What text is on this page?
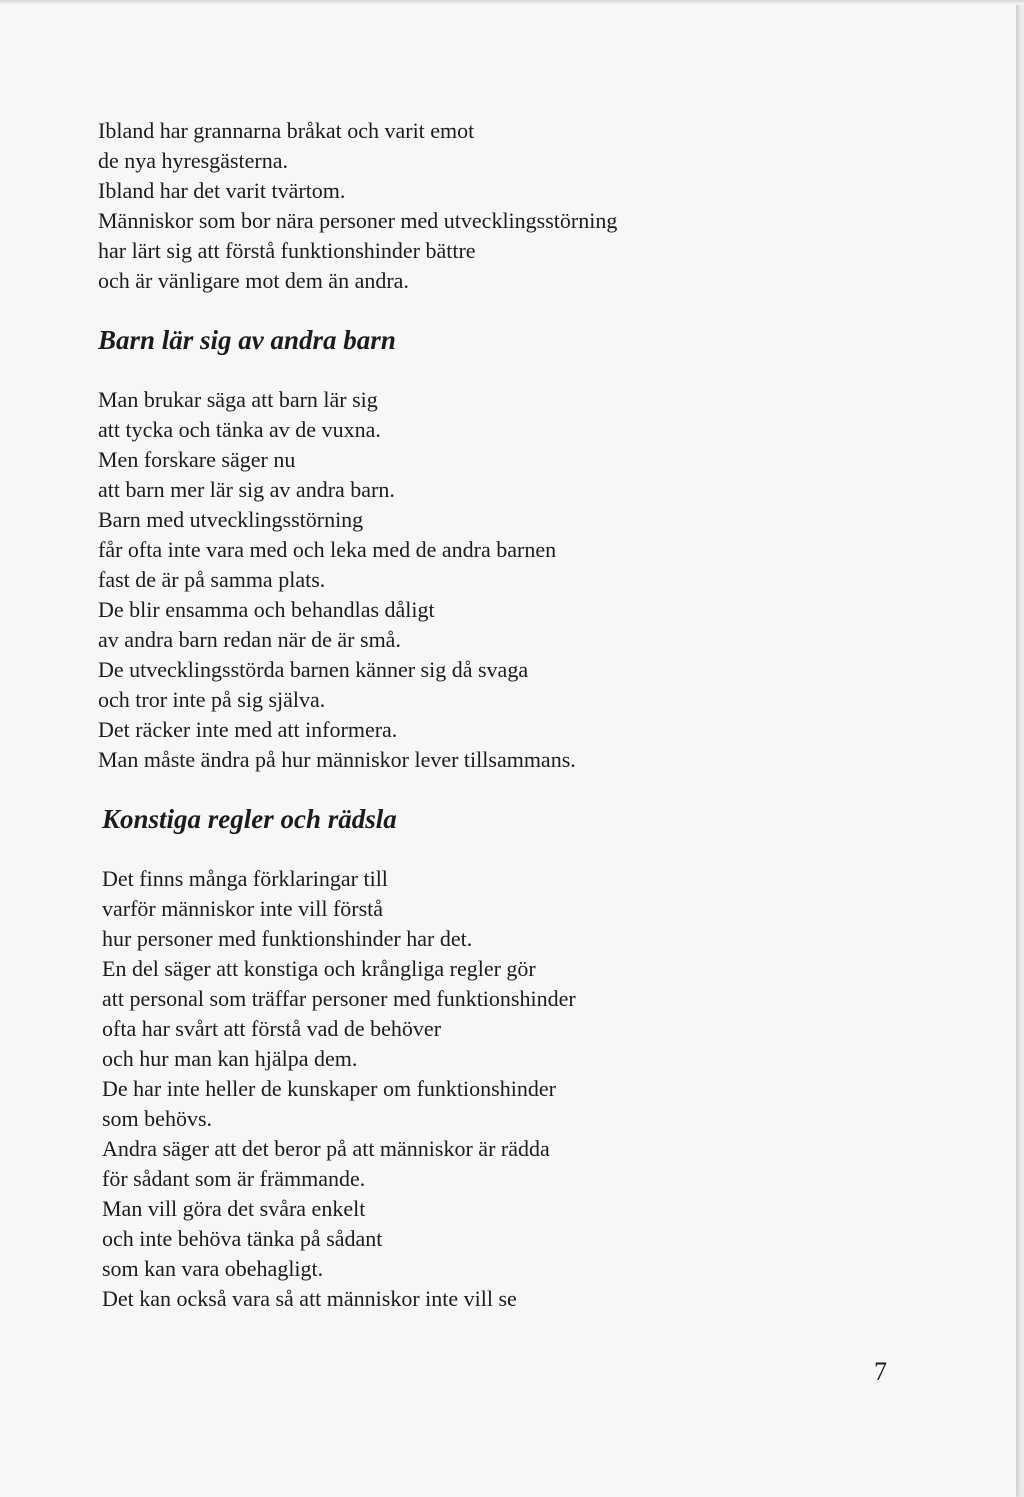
Ibland har grannarna bråkat och varit emot
de nya hyresgästerna.
Ibland har det varit tvärtom.
Människor som bor nära personer med utvecklingsstörning
har lärt sig att förstå funktionshinder bättre
och är vänligare mot dem än andra.
Barn lär sig av andra barn
Man brukar säga att barn lär sig
att tycka och tänka av de vuxna.
Men forskare säger nu
att barn mer lär sig av andra barn.
Barn med utvecklingsstörning
får ofta inte vara med och leka med de andra barnen
fast de är på samma plats.
De blir ensamma och behandlas dåligt
av andra barn redan när de är små.
De utvecklingsstörda barnen känner sig då svaga
och tror inte på sig själva.
Det räcker inte med att informera.
Man måste ändra på hur människor lever tillsammans.
Konstiga regler och rädsla
Det finns många förklaringar till
varför människor inte vill förstå
hur personer med funktionshinder har det.
En del säger att konstiga och krångliga regler gör
att personal som träffar personer med funktionshinder
ofta har svårt att förstå vad de behöver
och hur man kan hjälpa dem.
De har inte heller de kunskaper om funktionshinder
som behövs.
Andra säger att det beror på att människor är rädda
för sådant som är främmande.
Man vill göra det svåra enkelt
och inte behöva tänka på sådant
som kan vara obehagligt.
Det kan också vara så att människor inte vill se
7
